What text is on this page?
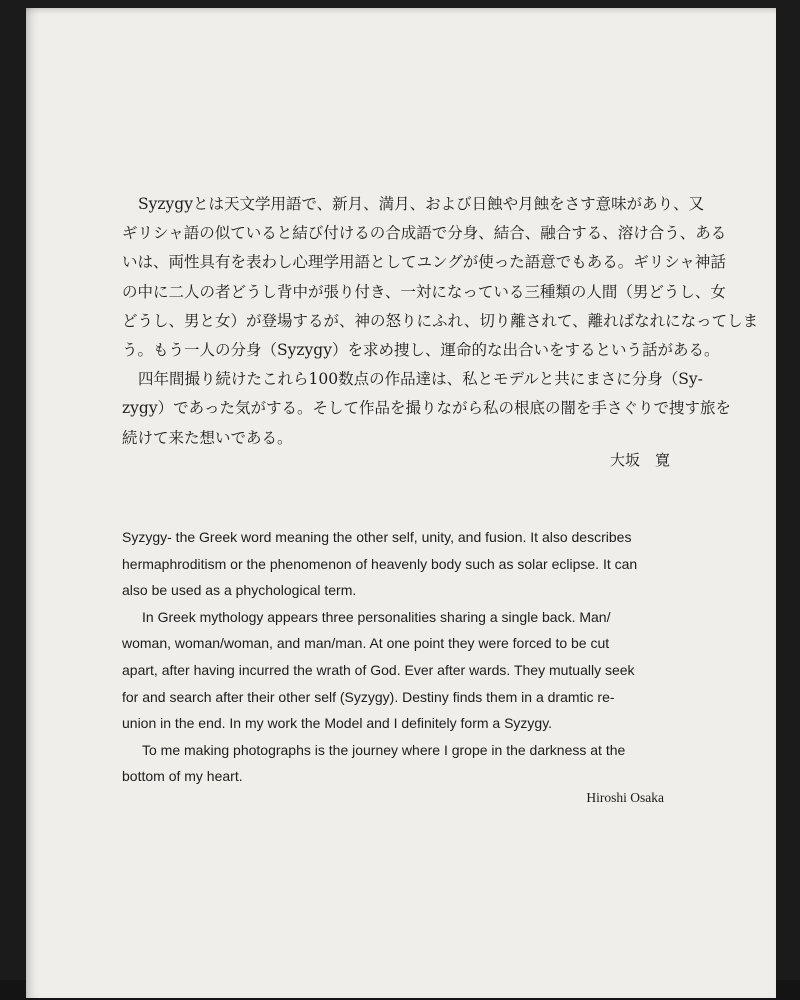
Syzygyとは天文学用語で、新月、満月、および日蝕や月蝕をさす意味があり、又
ギリシャ語の似ていると結び付けるの合成語で分身、結合、融合する、溶け合う、ある
いは、両性具有を表わし心理学用語としてユングが使った語意でもある。ギリシャ神話
の中に二人の者どうし背中が張り付き、一対になっている三種類の人間（男どうし、女
どうし、男と女）が登場するが、神の怒りにふれ、切り離されて、離ればなれになってしま
う。もう一人の分身（Syzygy）を求め捜し、運命的な出合いをするという話がある。
四年間撮り続けたこれら100数点の作品達は、私とモデルと共にまさに分身（Sy-
zygy）であった気がする。そして作品を撮りながら私の根底の闇を手さぐりで捜す旅を
続けて来た想いである。
大坂　寛
Syzygy- the Greek word meaning the other self, unity, and fusion. It also describes
hermaphroditism or the phenomenon of heavenly body such as solar eclipse. It can
also be used as a phychological term.
In Greek mythology appears three personalities sharing a single back. Man/
woman, woman/woman, and man/man. At one point they were forced to be cut
apart, after having incurred the wrath of God. Ever after wards. They mutually seek
for and search after their other self (Syzygy). Destiny finds them in a dramtic re-
union in the end. In my work the Model and I definitely form a Syzygy.
To me making photographs is the journey where I grope in the darkness at the
bottom of my heart.
Hiroshi Osaka
